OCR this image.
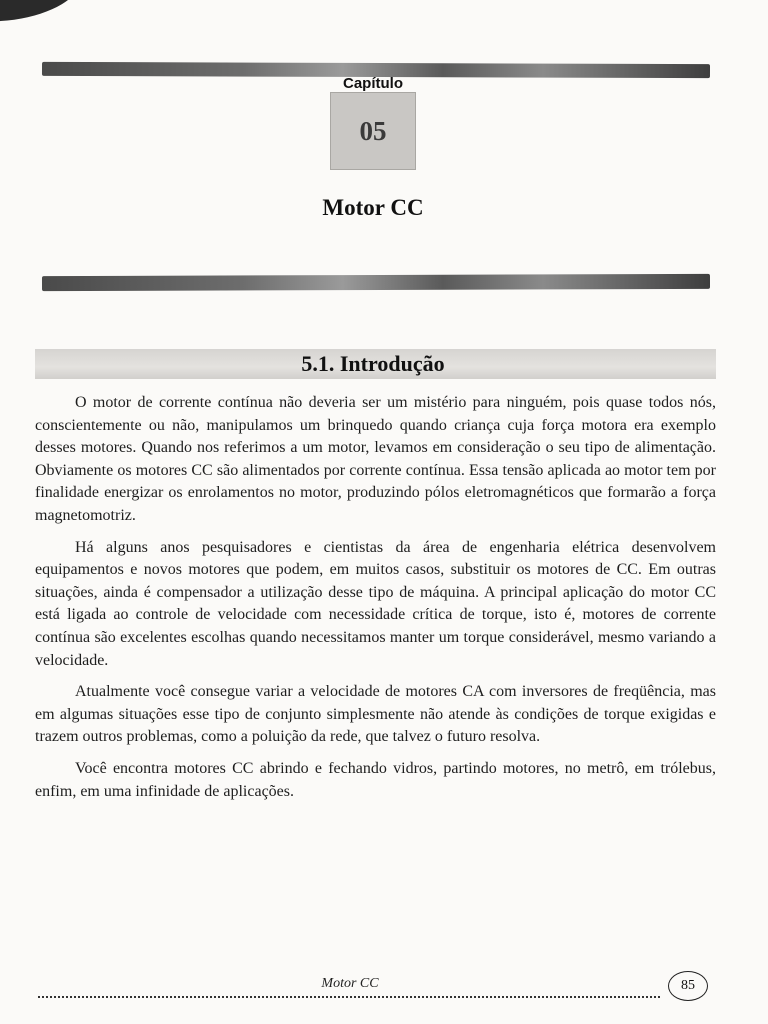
Capítulo
05
Motor CC
5.1. Introdução

O motor de corrente contínua não deveria ser um mistério para ninguém, pois quase todos nós, conscientemente ou não, manipulamos um brinquedo quando criança cuja força motora era exemplo desses motores. Quando nos referimos a um motor, levamos em consideração o seu tipo de alimentação. Obviamente os motores CC são alimentados por corrente contínua. Essa tensão aplicada ao motor tem por finalidade energizar os enrolamentos no motor, produzindo pólos eletromagnéticos que formarão a força magnetomotriz.

Há alguns anos pesquisadores e cientistas da área de engenharia elétrica desenvolvem equipamentos e novos motores que podem, em muitos casos, substituir os motores de CC. Em outras situações, ainda é compensador a utilização desse tipo de máquina. A principal aplicação do motor CC está ligada ao controle de velocidade com necessidade crítica de torque, isto é, motores de corrente contínua são excelentes escolhas quando necessitamos manter um torque considerável, mesmo variando a velocidade.

Atualmente você consegue variar a velocidade de motores CA com inversores de freqüência, mas em algumas situações esse tipo de conjunto simplesmente não atende às condições de torque exigidas e trazem outros problemas, como a poluição da rede, que talvez o futuro resolva.

Você encontra motores CC abrindo e fechando vidros, partindo motores, no metrô, em trólebus, enfim, em uma infinidade de aplicações.

Motor CC	85
